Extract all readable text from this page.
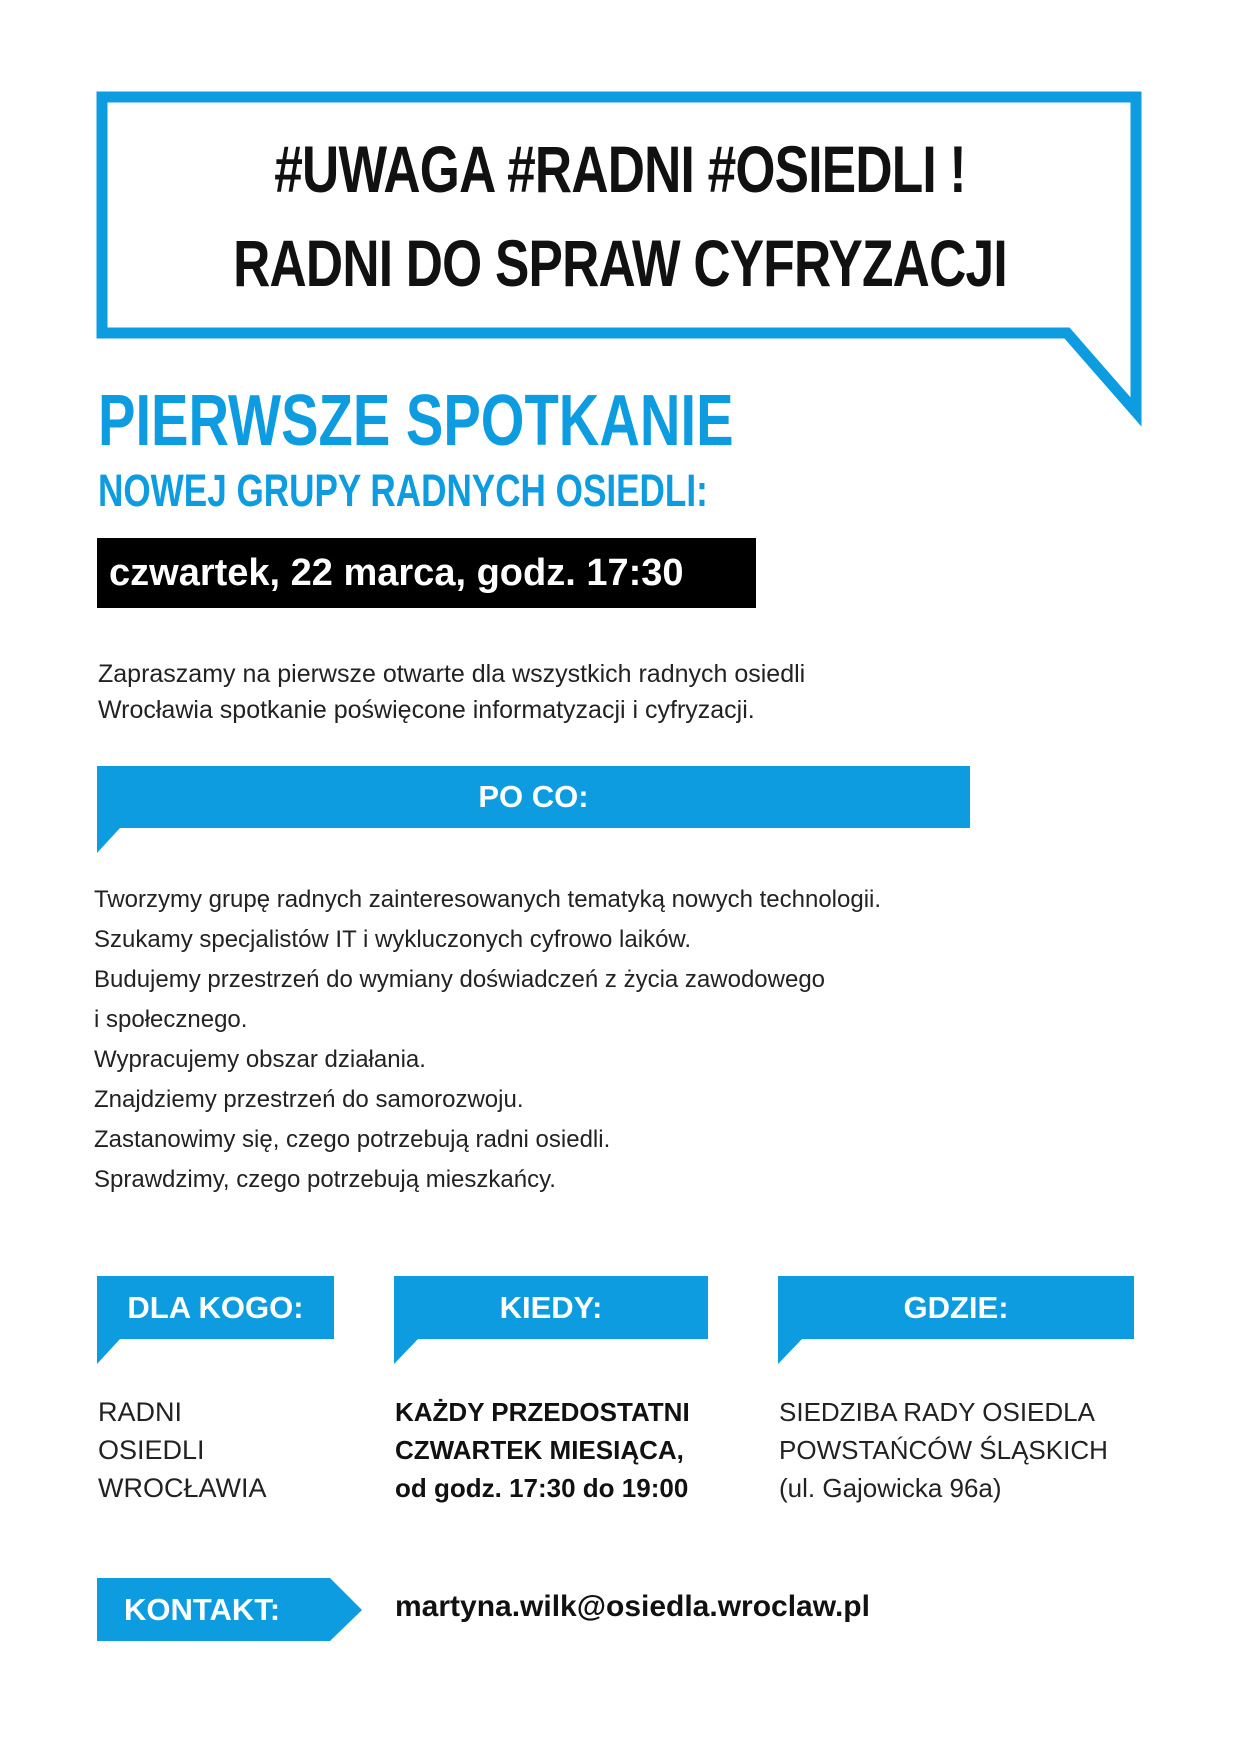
#UWAGA #RADNI #OSIEDLI !
RADNI DO SPRAW CYFRYZACJI
PIERWSZE SPOTKANIE
NOWEJ GRUPY RADNYCH OSIEDLI:
czwartek, 22 marca, godz. 17:30
Zapraszamy na pierwsze otwarte dla wszystkich radnych osiedli
Wrocławia spotkanie poświęcone informatyzacji i cyfryzacji.
PO CO:
Tworzymy grupę radnych zainteresowanych tematyką nowych technologii.
Szukamy specjalistów IT i wykluczonych cyfrowo laików.
Budujemy przestrzeń do wymiany doświadczeń z życia zawodowego
i społecznego.
Wypracujemy obszar działania.
Znajdziemy przestrzeń do samorozwoju.
Zastanowimy się, czego potrzebują radni osiedli.
Sprawdzimy, czego potrzebują mieszkańcy.
DLA KOGO:	KIEDY:	GDZIE:
RADNI
OSIEDLI
WROCŁAWIA
KAŻDY PRZEDOSTATNI
CZWARTEK MIESIĄCA,
od godz. 17:30 do 19:00
SIEDZIBA RADY OSIEDLA
POWSTAŃCÓW ŚLĄSKICH
(ul. Gajowicka 96a)
KONTAKT:	martyna.wilk@osiedla.wroclaw.pl
